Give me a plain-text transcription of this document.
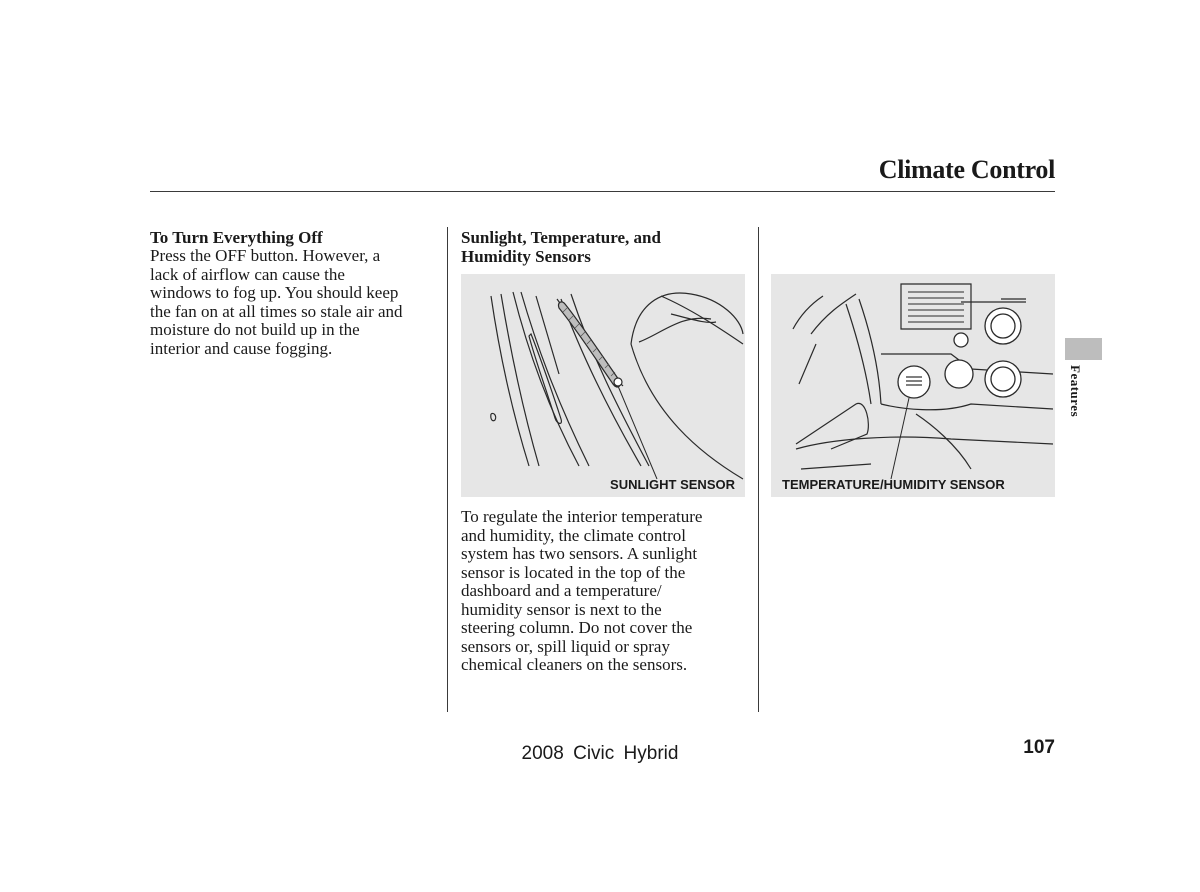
Climate Control
To Turn Everything Off
Press the OFF button. However, a
lack of airflow can cause the
windows to fog up. You should keep
the fan on at all times so stale air and
moisture do not build up in the
interior and cause fogging.
Sunlight, Temperature, and
Humidity Sensors
SUNLIGHT SENSOR
To regulate the interior temperature
and humidity, the climate control
system has two sensors. A sunlight
sensor is located in the top of the
dashboard and a temperature/
humidity sensor is next to the
steering column. Do not cover the
sensors or, spill liquid or spray
chemical cleaners on the sensors.
TEMPERATURE/HUMIDITY SENSOR
Features
2008 Civic Hybrid	107
